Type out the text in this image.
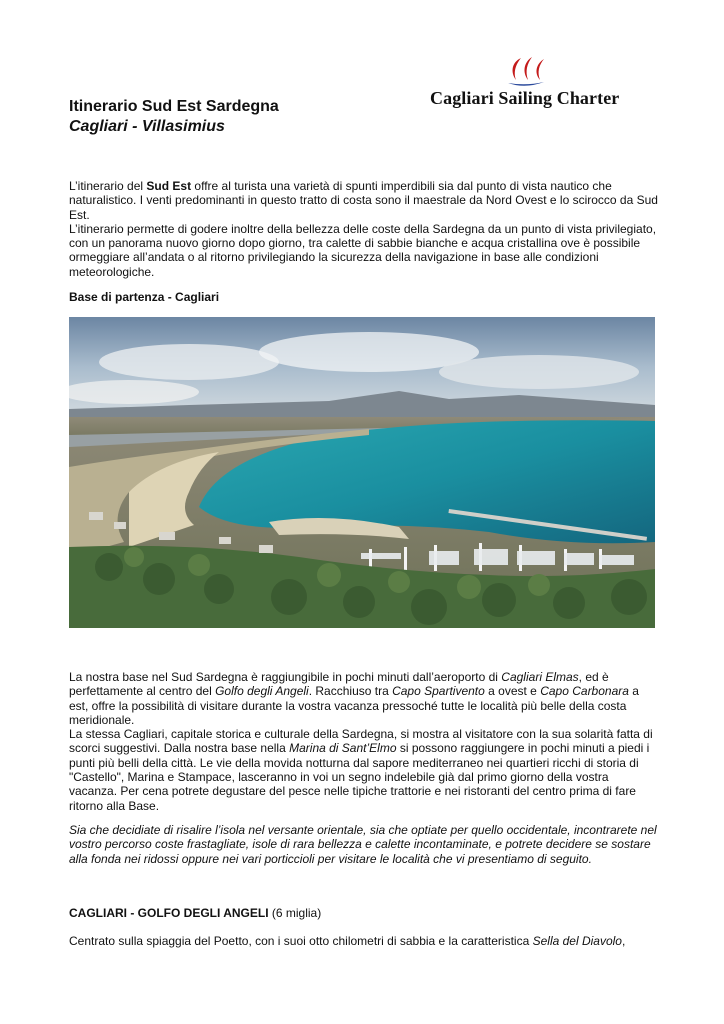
Cagliari Sailing Charter
Itinerario Sud Est Sardegna
Cagliari - Villasimius
L’itinerario del Sud Est offre al turista una varietà di spunti imperdibili sia dal punto di vista nautico che naturalistico. I venti predominanti in questo tratto di costa sono il maestrale da Nord Ovest e lo scirocco da Sud Est.
L’itinerario permette di godere inoltre della bellezza delle coste della Sardegna da un punto di vista privilegiato, con un panorama nuovo giorno dopo giorno, tra calette di sabbie bianche e acqua cristallina ove è possibile ormeggiare all’andata o al ritorno privilegiando la sicurezza della navigazione in base alle condizioni meteorologiche.
Base di partenza - Cagliari
La nostra base nel Sud Sardegna è raggiungibile in pochi minuti dall’aeroporto di Cagliari Elmas, ed è perfettamente al centro del Golfo degli Angeli. Racchiuso tra Capo Spartivento a ovest e Capo Carbonara a est, offre la possibilità di visitare durante la vostra vacanza pressoché tutte le località più belle della costa meridionale.
La stessa Cagliari, capitale storica e culturale della Sardegna, si mostra al visitatore con la sua solarità fatta di scorci suggestivi. Dalla nostra base nella Marina di Sant’Elmo si possono raggiungere in pochi minuti a piedi i punti più belli della città. Le vie della movida notturna dal sapore mediterraneo nei quartieri ricchi di storia di "Castello", Marina e Stampace, lasceranno in voi un segno indelebile già dal primo giorno della vostra vacanza. Per cena potrete degustare del pesce nelle tipiche trattorie e nei ristoranti del centro prima di fare ritorno alla Base.
Sia che decidiate di risalire l’isola nel versante orientale, sia che optiate per quello occidentale, incontrarete nel vostro percorso coste frastagliate, isole di rara bellezza e calette incontaminate, e potrete decidere se sostare alla fonda nei ridossi oppure nei vari porticcioli per visitare le località che vi presentiamo di seguito.
CAGLIARI - GOLFO DEGLI ANGELI (6 miglia)
Centrato sulla spiaggia del Poetto, con i suoi otto chilometri di sabbia e la caratteristica Sella del Diavolo,
